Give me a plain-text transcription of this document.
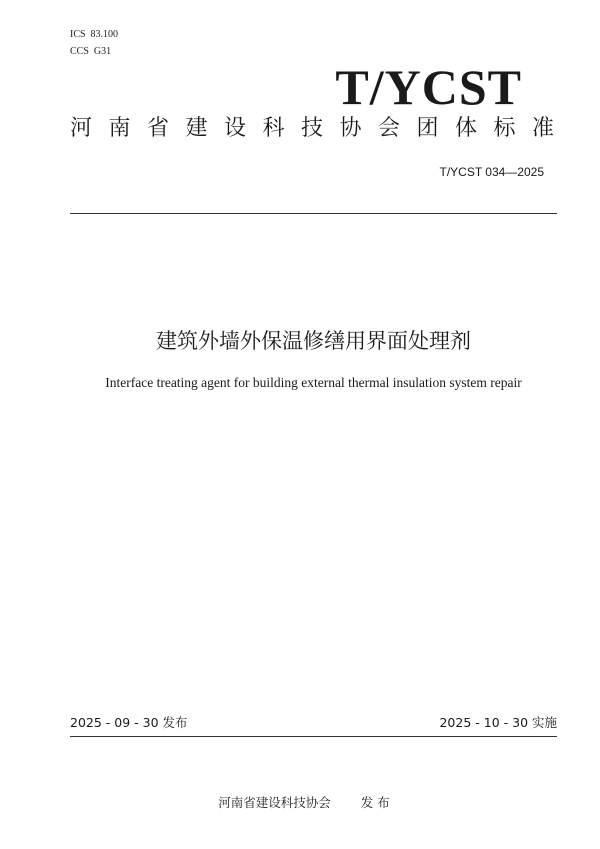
ICS  83.100
CCS  G31
T/YCST
河南省建设科技协会团体标准
T/YCST 034—2025
建筑外墙外保温修缮用界面处理剂
Interface treating agent for building external thermal insulation system repair
2025 - 09 - 30 发布	2025 - 10 - 30 实施

河南省建设科技协会 发 布
